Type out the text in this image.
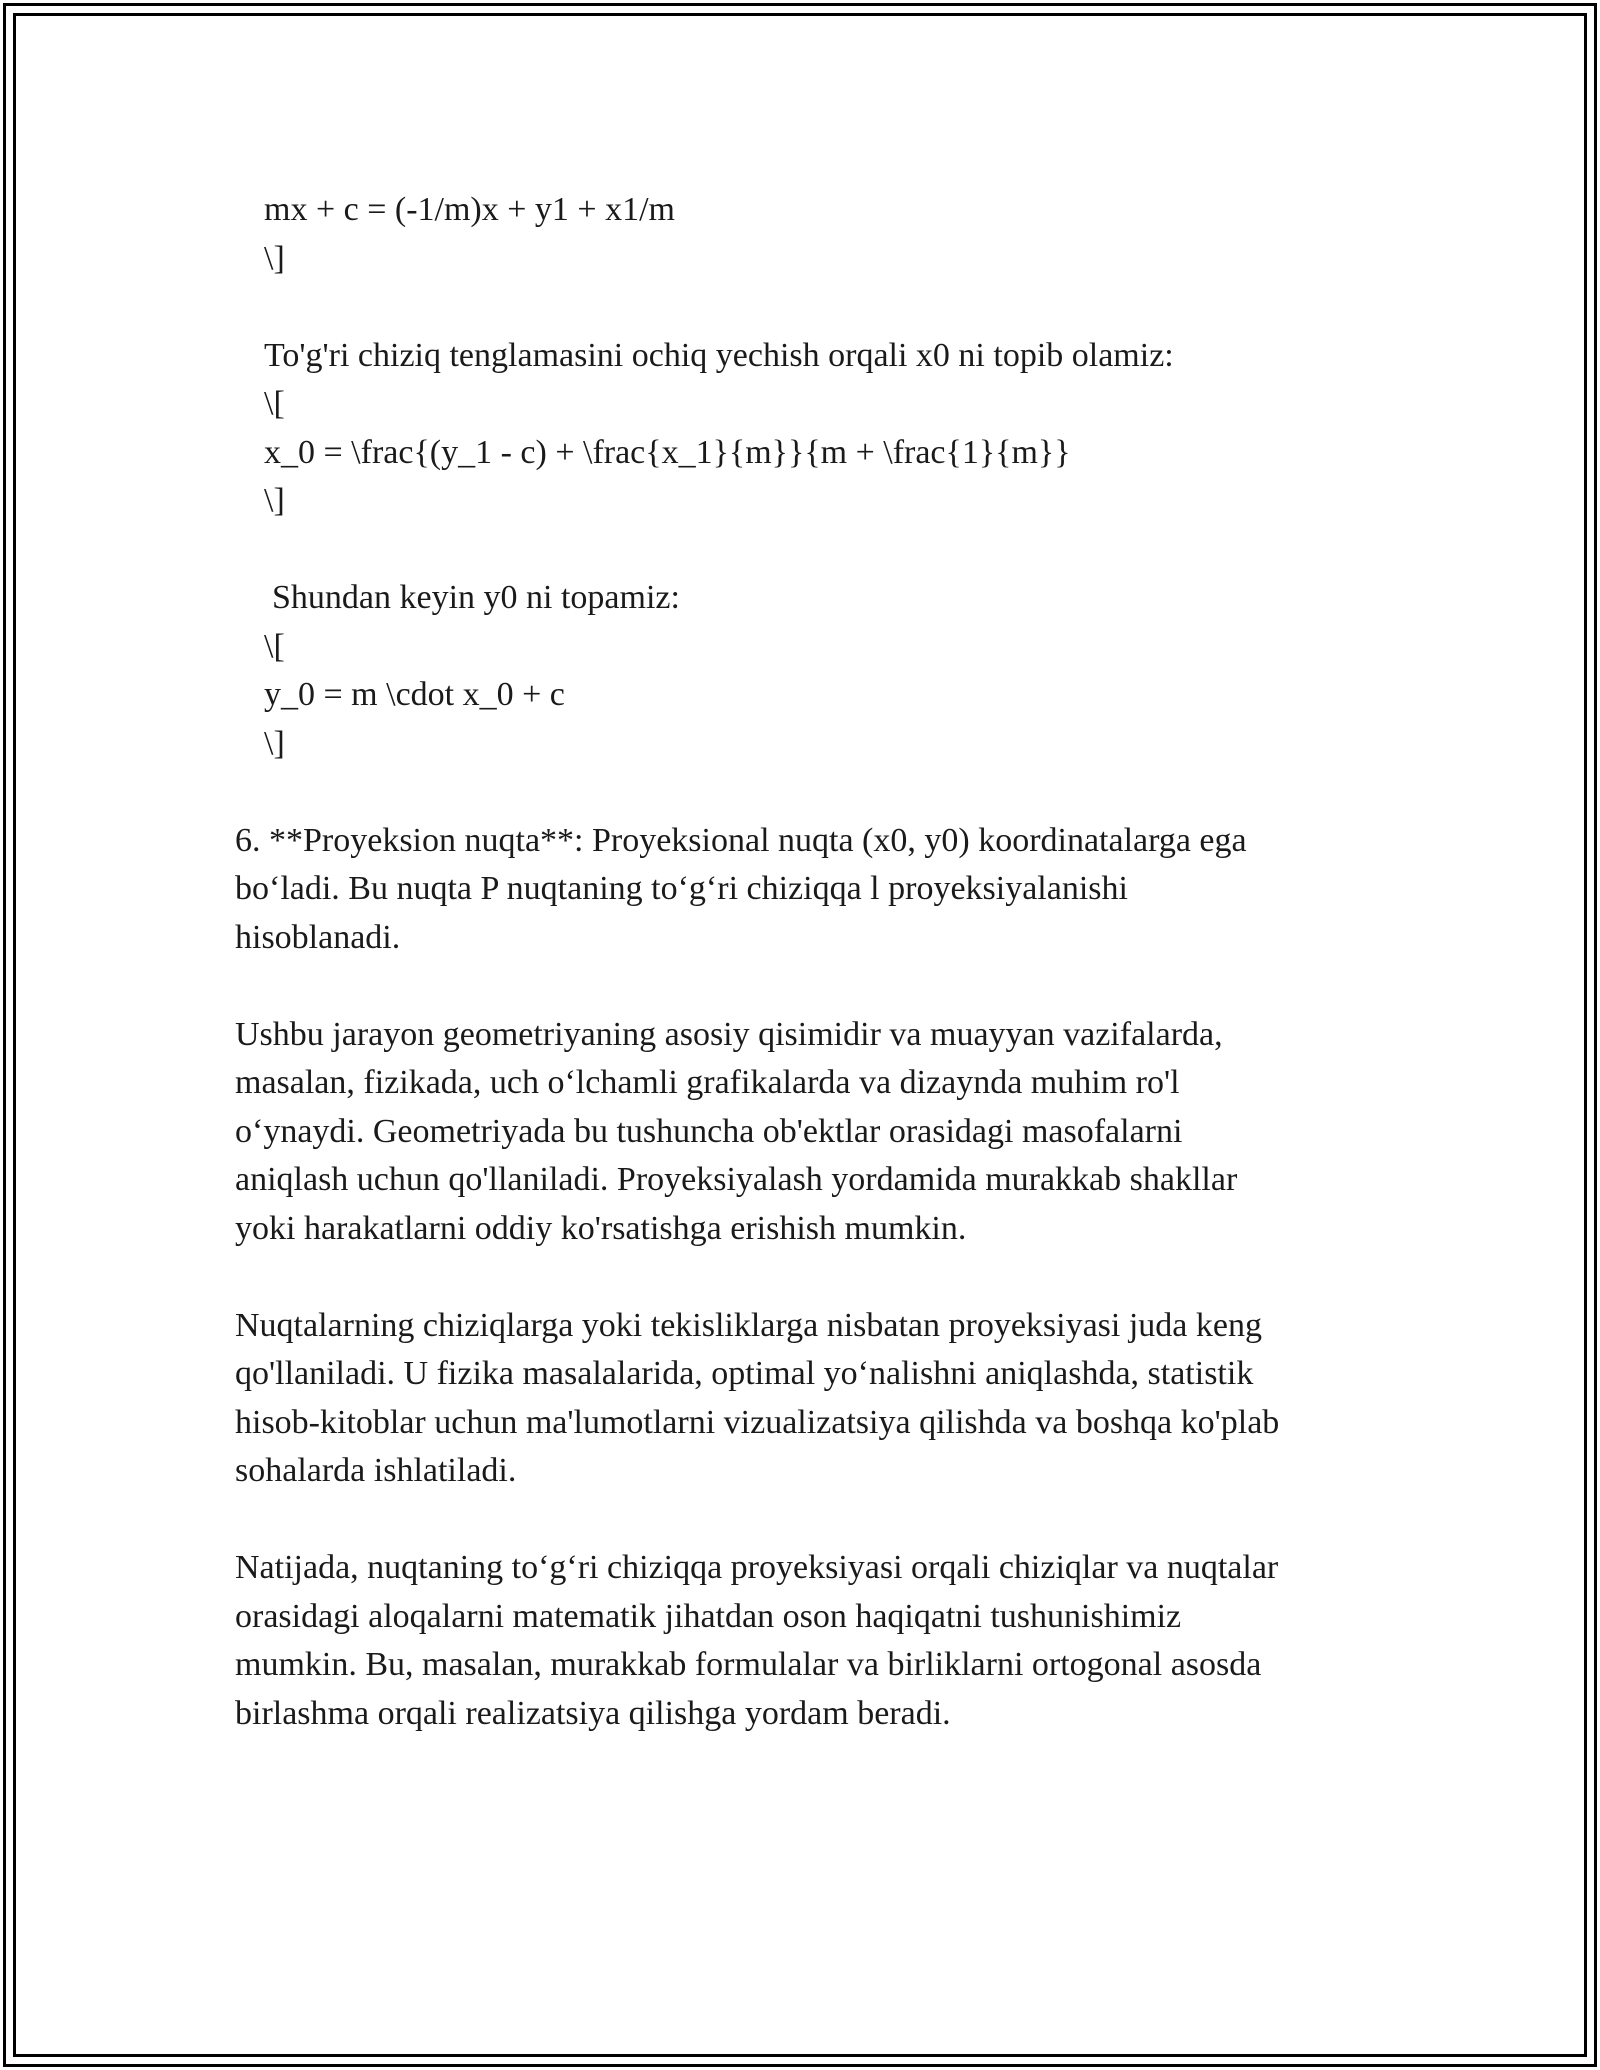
mx + c = (-1/m)x + y1 + x1/m

\]

To'g'ri chiziq tenglamasini ochiq yechish orqali x0 ni topib olamiz:

\[

x_0 = \frac{(y_1 - c) + \frac{x_1}{m}}{m + \frac{1}{m}}

\]

Shundan keyin y0 ni topamiz:

\[

y_0 = m \cdot x_0 + c

\]

6. **Proyeksion nuqta**: Proyeksional nuqta (x0, y0) koordinatalarga ega

bo‘ladi. Bu nuqta P nuqtaning to‘g‘ri chiziqqa l proyeksiyalanishi

hisoblanadi.

Ushbu jarayon geometriyaning asosiy qisimidir va muayyan vazifalarda,

masalan, fizikada, uch o‘lchamli grafikalarda va dizaynda muhim ro'l

o‘ynaydi. Geometriyada bu tushuncha ob'ektlar orasidagi masofalarni

aniqlash uchun qo'llaniladi. Proyeksiyalash yordamida murakkab shakllar

yoki harakatlarni oddiy ko'rsatishga erishish mumkin.

Nuqtalarning chiziqlarga yoki tekisliklarga nisbatan proyeksiyasi juda keng

qo'llaniladi. U fizika masalalarida, optimal yo‘nalishni aniqlashda, statistik

hisob-kitoblar uchun ma'lumotlarni vizualizatsiya qilishda va boshqa ko'plab

sohalarda ishlatiladi.

Natijada, nuqtaning to‘g‘ri chiziqqa proyeksiyasi orqali chiziqlar va nuqtalar

orasidagi aloqalarni matematik jihatdan oson haqiqatni tushunishimiz

mumkin. Bu, masalan, murakkab formulalar va birliklarni ortogonal asosda

birlashma orqali realizatsiya qilishga yordam beradi.
